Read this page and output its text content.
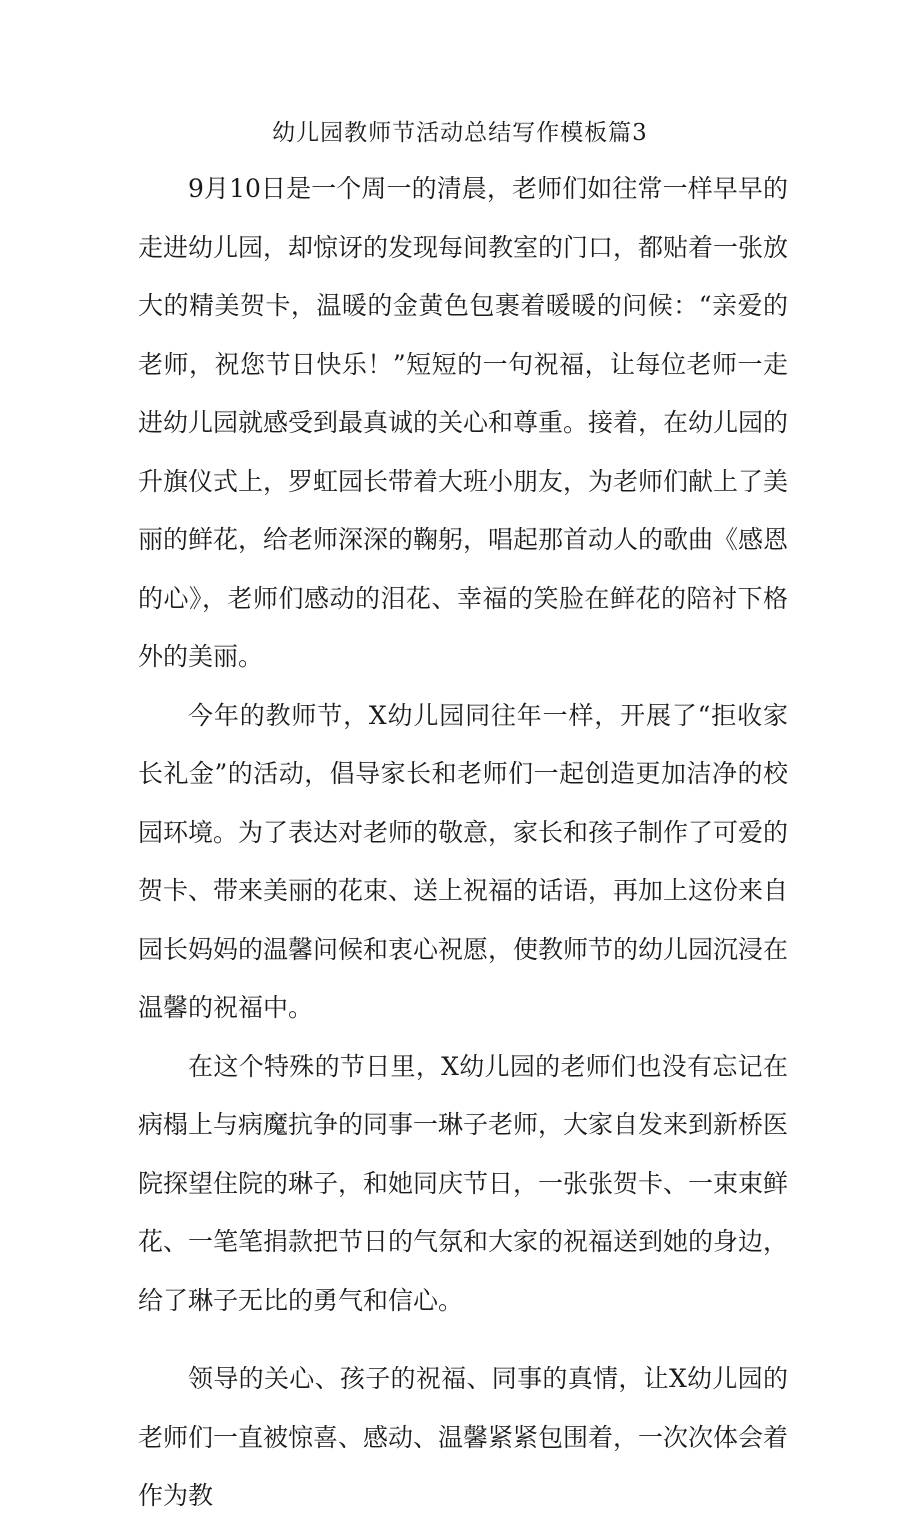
幼儿园教师节活动总结写作模板篇3

9月10日是一个周一的清晨，老师们如往常一样早早的走进幼儿园，却惊讶的发现每间教室的门口，都贴着一张放大的精美贺卡，温暖的金黄色包裹着暖暖的问候：“亲爱的老师，祝您节日快乐！”短短的一句祝福，让每位老师一走进幼儿园就感受到最真诚的关心和尊重。接着，在幼儿园的升旗仪式上，罗虹园长带着大班小朋友，为老师们献上了美丽的鲜花，给老师深深的鞠躬，唱起那首动人的歌曲《感恩的心》，老师们感动的泪花、幸福的笑脸在鲜花的陪衬下格外的美丽。

今年的教师节，X幼儿园同往年一样，开展了“拒收家长礼金”的活动，倡导家长和老师们一起创造更加洁净的校园环境。为了表达对老师的敬意，家长和孩子制作了可爱的贺卡、带来美丽的花束、送上祝福的话语，再加上这份来自园长妈妈的温馨问候和衷心祝愿，使教师节的幼儿园沉浸在温馨的祝福中。

在这个特殊的节日里，X幼儿园的老师们也没有忘记在病榻上与病魔抗争的同事一琳子老师，大家自发来到新桥医院探望住院的琳子，和她同庆节日，一张张贺卡、一束束鲜花、一笔笔捐款把节日的气氛和大家的祝福送到她的身边，给了琳子无比的勇气和信心。

领导的关心、孩子的祝福、同事的真情，让X幼儿园的老师们一直被惊喜、感动、温馨紧紧包围着，一次次体会着作为教
